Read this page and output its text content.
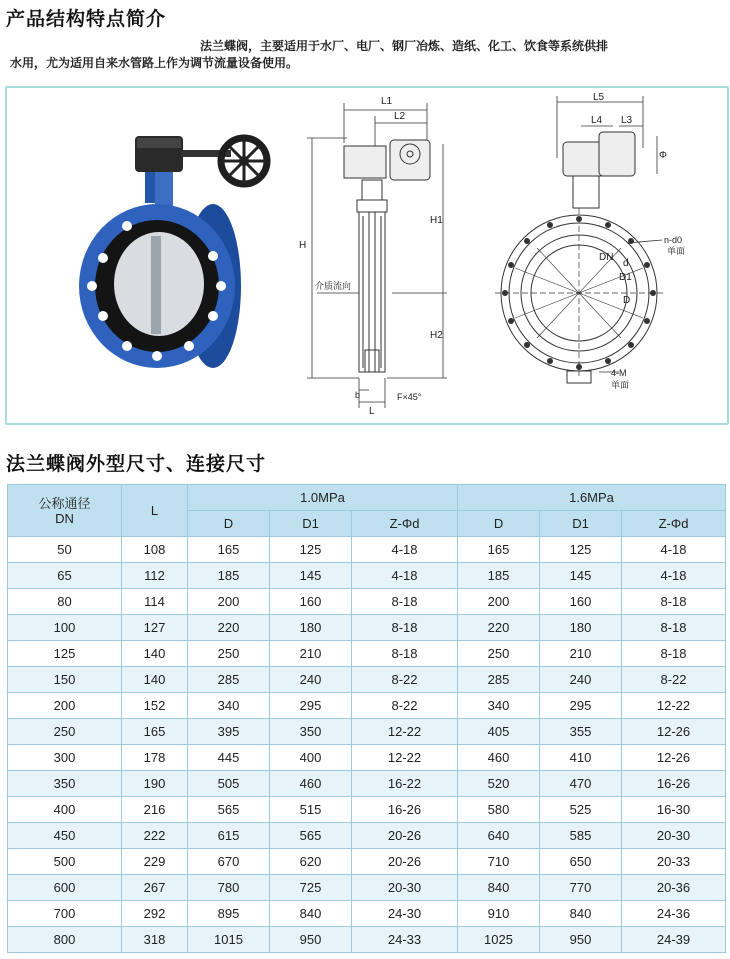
产品结构特点简介
法兰蝶阀，主要适用于水厂、电厂、钢厂冶炼、造纸、化工、饮食等系统供排
水用，尤为适用自来水管路上作为调节流量设备使用。
L1
L2
H
H1
H2
介质流向
b
L
F×45°
L5
L4 L3
Φ
n-d0
单面
DN
d
D1
D
4-M
单面
法兰蝶阀外型尺寸、连接尺寸
公称通径
DN	L	1.0MPa			1.6MPa		
		D	D1	Z-Φd	D	D1	Z-Φd
50	108	165	125	4-18	165	125	4-18
65	112	185	145	4-18	185	145	4-18
80	114	200	160	8-18	200	160	8-18
100	127	220	180	8-18	220	180	8-18
125	140	250	210	8-18	250	210	8-18
150	140	285	240	8-22	285	240	8-22
200	152	340	295	8-22	340	295	12-22
250	165	395	350	12-22	405	355	12-26
300	178	445	400	12-22	460	410	12-26
350	190	505	460	16-22	520	470	16-26
400	216	565	515	16-26	580	525	16-30
450	222	615	565	20-26	640	585	20-30
500	229	670	620	20-26	710	650	20-33
600	267	780	725	20-30	840	770	20-36
700	292	895	840	24-30	910	840	24-36
800	318	1015	950	24-33	1025	950	24-39
